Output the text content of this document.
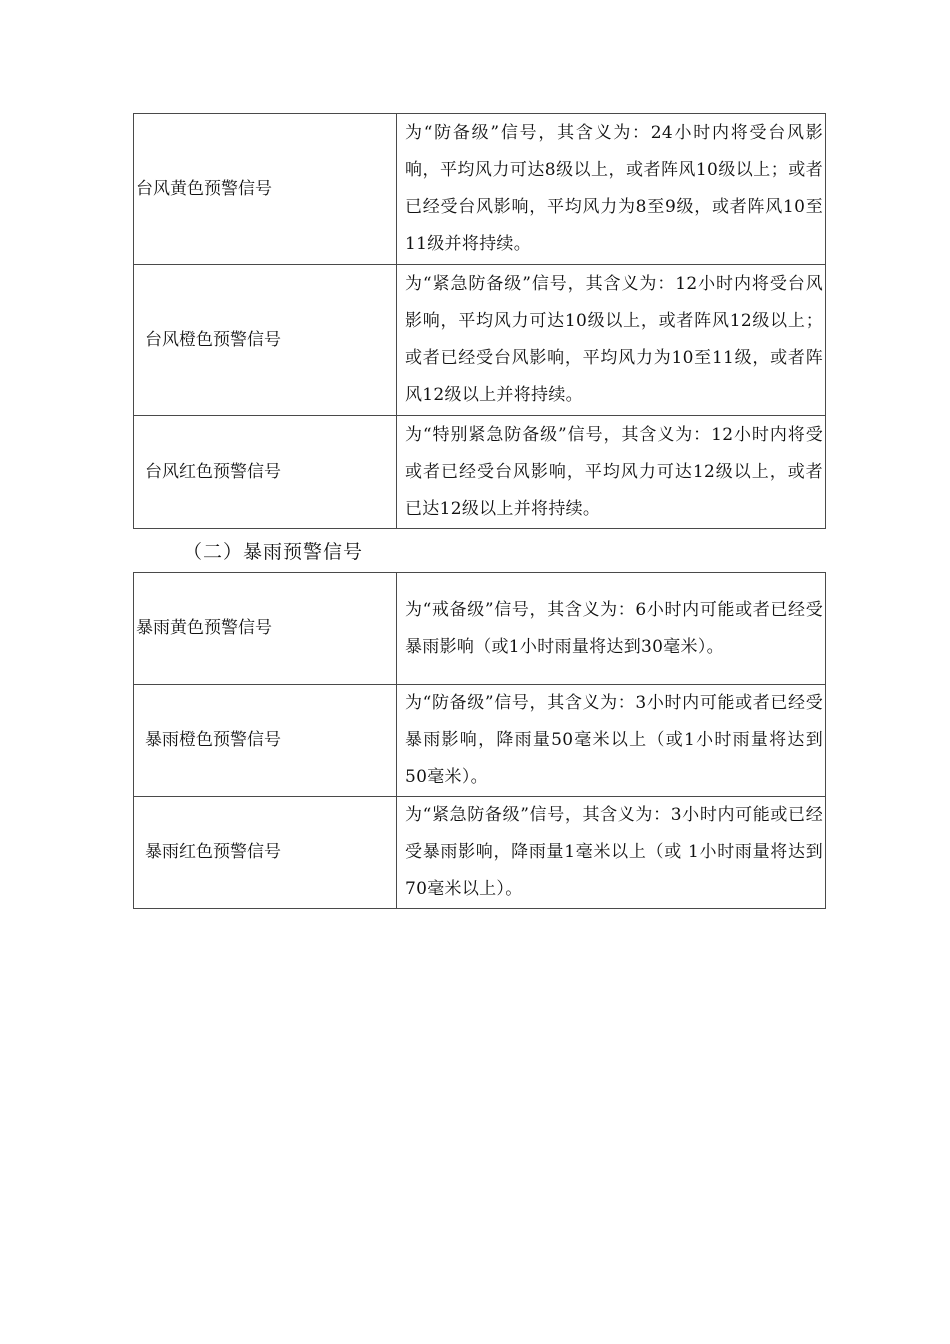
台风黄色预警信号	为“防备级”信号，其含义为：24小时内将受台风影响，平均风力可达8级以上，或者阵风10级以上；或者已经受台风影响，平均风力为8至9级，或者阵风10至11级并将持续。

台风橙色预警信号	为“紧急防备级”信号，其含义为：12小时内将受台风影响，平均风力可达10级以上，或者阵风12级以上；或者已经受台风影响，平均风力为10至11级，或者阵风12级以上并将持续。

台风红色预警信号	为“特别紧急防备级”信号，其含义为：12小时内将受或者已经受台风影响，平均风力可达12级以上，或者已达12级以上并将持续。
（二）暴雨预警信号
暴雨黄色预警信号	为“戒备级”信号，其含义为：6小时内可能或者已经受暴雨影响（或1小时雨量将达到30毫米）。

暴雨橙色预警信号	为“防备级”信号，其含义为：3小时内可能或者已经受暴雨影响，降雨量50毫米以上（或1小时雨量将达到50毫米）。

暴雨红色预警信号	为“紧急防备级”信号，其含义为：3小时内可能或已经受暴雨影响，降雨量1毫米以上（或 1小时雨量将达到70毫米以上）。
